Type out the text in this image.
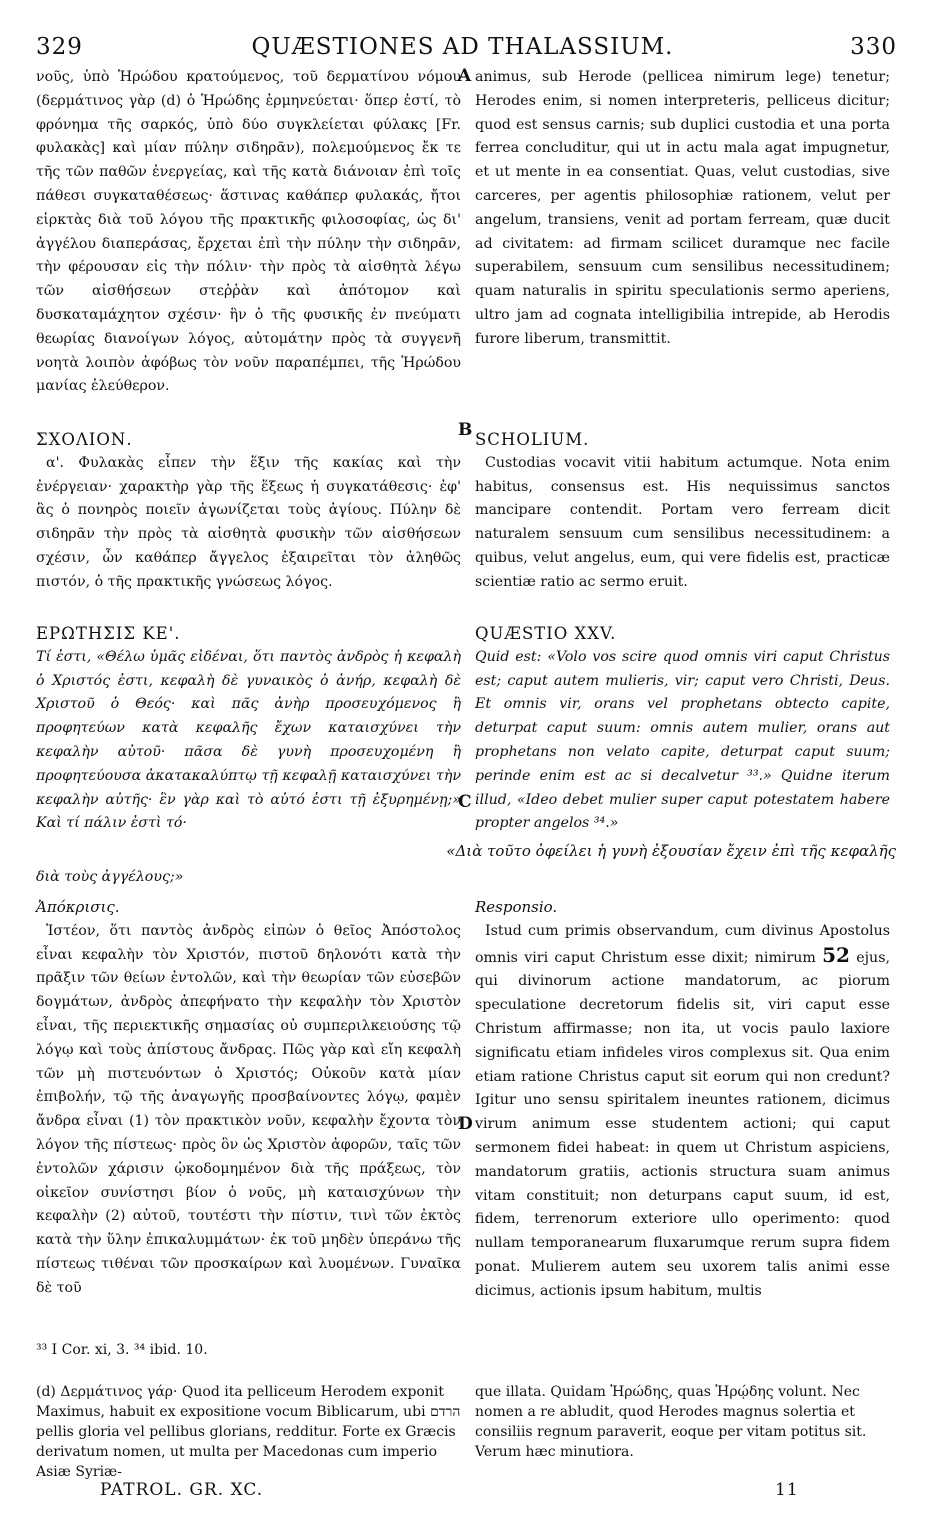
329	QUÆSTIONES AD THALASSIUM.	330
A
B
C
D

νοῦς, ὑπὸ Ἡρώδου κρατούμενος, τοῦ δερματίνου νόμου (δερμάτινος γὰρ (d) ὁ Ἡρώδης ἑρμηνεύεται· ὅπερ ἐστί, τὸ φρόνημα τῆς σαρκός, ὑπὸ δύο συγκλείεται φύλακς [Fr. φυλακὰς] καὶ μίαν πύλην σιδηρᾶν), πολεμούμενος ἔκ τε τῆς τῶν παθῶν ἐνεργείας, καὶ τῆς κατὰ διάνοιαν ἐπὶ τοῖς πάθεσι συγκαταθέσεως· ἅστινας καθάπερ φυλακάς, ἤτοι εἱρκτὰς διὰ τοῦ λόγου τῆς πρακτικῆς φιλοσοφίας, ὡς δι' ἀγγέλου διαπεράσας, ἔρχεται ἐπὶ τὴν πύλην τὴν σιδηρᾶν, τὴν φέρουσαν εἰς τὴν πόλιν· τὴν πρὸς τὰ αἰσθητὰ λέγω τῶν αἰσθήσεων στεῤῥὰν καὶ ἀπότομον καὶ δυσκαταμάχητον σχέσιν· ἣν ὁ τῆς φυσικῆς ἐν πνεύματι θεωρίας διανοίγων λόγος, αὐτομάτην πρὸς τὰ συγγενῆ νοητὰ λοιπὸν ἀφόβως τὸν νοῦν παραπέμπει, τῆς Ἡρώδου μανίας ἐλεύθερον.

animus, sub Herode (pelliceа nimirum lege) tenetur; Herodes enim, si nomen interpreteris, pelliceus dicitur; quod est sensus carnis; sub duplici custodia et una porta ferrea concluditur, qui ut in actu mala agat impugnetur, et ut mente in ea consentiat. Quas, velut custodias, sive carceres, per agentis philosophiæ rationem, velut per angelum, transiens, venit ad portam ferream, quæ ducit ad civitatem: ad firmam scilicet duramque nec facile superabilem, sensuum cum sensilibus necessitudinem; quam naturalis in spiritu speculationis sermo aperiens, ultro jam ad cognata intelligibilia intrepide, ab Herodis furore liberum, transmittit.

ΣΧΟΛΙΟΝ.

α'. Φυλακὰς εἶπεν τὴν ἕξιν τῆς κακίας καὶ τὴν ἐνέργειαν· χαρακτὴρ γὰρ τῆς ἕξεως ἡ συγκατάθεσις· ἐφ' ἃς ὁ πονηρὸς ποιεῖν ἀγωνίζεται τοὺς ἁγίους. Πύλην δὲ σιδηρᾶν τὴν πρὸς τὰ αἰσθητὰ φυσικὴν τῶν αἰσθήσεων σχέσιν, ὧν καθάπερ ἄγγελος ἐξαιρεῖται τὸν ἀληθῶς πιστόν, ὁ τῆς πρακτικῆς γνώσεως λόγος.

SCHOLIUM.

Custodias vocavit vitii habitum actumque. Nota enim habitus, consensus est. His nequissimus sanctos mancipare contendit. Portam vero ferream dicit naturalem sensuum cum sensilibus necessitudinem: a quibus, velut angelus, eum, qui vere fidelis est, practicæ scientiæ ratio ac sermo eruit.

ΕΡΩΤΗΣΙΣ ΚΕ'.

Τί ἐστι, «Θέλω ὑμᾶς εἰδέναι, ὅτι παντὸς ἀνδρὸς ἡ κεφαλὴ ὁ Χριστός ἐστι, κεφαλὴ δὲ γυναικὸς ὁ ἀνήρ, κεφαλὴ δὲ Χριστοῦ ὁ Θεός· καὶ πᾶς ἀνὴρ προσευχόμενος ἢ προφητεύων κατὰ κεφαλῆς ἔχων καταισχύνει τὴν κεφαλὴν αὐτοῦ· πᾶσα δὲ γυνὴ προσευχομένη ἢ προφητεύουσα ἀκατακαλύπτῳ τῇ κεφαλῇ καταισχύνει τὴν κεφαλὴν αὐτῆς· ἓν γὰρ καὶ τὸ αὐτό ἐστι τῇ ἐξυρημένῃ;» Καὶ τί πάλιν ἐστὶ τό·

QUÆSTIO XXV.

Quid est: «Volo vos scire quod omnis viri caput Christus est; caput autem mulieris, vir; caput vero Christi, Deus. Et omnis vir, orans vel prophetans obtecto capite, deturpat caput suum: omnis autem mulier, orans aut prophetans non velato capite, deturpat caput suum; perinde enim est ac si decalvetur ³³.» Quidne iterum illud, «Ideo debet mulier super caput potestatem habere propter angelos ³⁴.»

«Διὰ τοῦτο ὀφείλει ἡ γυνὴ ἐξουσίαν ἔχειν ἐπὶ τῆς κεφαλῆς
διὰ τοὺς ἀγγέλους;»

Ἀπόκρισις.

Ἰστέον, ὅτι παντὸς ἀνδρὸς εἰπὼν ὁ θεῖος Ἀπόστολος εἶναι κεφαλὴν τὸν Χριστόν, πιστοῦ δηλονότι κατὰ τὴν πρᾶξιν τῶν θείων ἐντολῶν, καὶ τὴν θεωρίαν τῶν εὐσεβῶν δογμάτων, ἀνδρὸς ἀπεφήνατο τὴν κεφαλὴν τὸν Χριστὸν εἶναι, τῆς περιεκτικῆς σημασίας οὐ συμπεριλκειούσης τῷ λόγῳ καὶ τοὺς ἀπίστους ἄνδρας. Πῶς γὰρ καὶ εἴη κεφαλὴ τῶν μὴ πιστευόντων ὁ Χριστός; Οὐκοῦν κατὰ μίαν ἐπιβολήν, τῷ τῆς ἀναγωγῆς προσβαίνοντες λόγῳ, φαμὲν ἄνδρα εἶναι (1) τὸν πρακτικὸν νοῦν, κεφαλὴν ἔχοντα τὸν λόγον τῆς πίστεως· πρὸς ὃν ὡς Χριστὸν ἀφορῶν, ταῖς τῶν ἐντολῶν χάρισιν ᾠκοδομημένον διὰ τῆς πράξεως, τὸν οἰκεῖον συνίστησι βίον ὁ νοῦς, μὴ καταισχύνων τὴν κεφαλὴν (2) αὐτοῦ, τουτέστι τὴν πίστιν, τινὶ τῶν ἐκτὸς κατὰ τὴν ὕλην ἐπικαλυμμάτων· ἐκ τοῦ μηδὲν ὑπεράνω τῆς πίστεως τιθέναι τῶν προσκαίρων καὶ λυομένων. Γυναῖκα δὲ τοῦ

Responsio.

Istud cum primis observandum, cum divinus Apostolus omnis viri caput Christum esse dixit; nimirum 52 ejus, qui divinorum actione mandatorum, ac piorum speculatione decretorum fidelis sit, viri caput esse Christum affirmasse; non ita, ut vocis paulo laxiore significatu etiam infideles viros complexus sit. Qua enim etiam ratione Christus caput sit eorum qui non credunt? Igitur uno sensu spiritalem ineuntes rationem, dicimus virum animum esse studentem actioni; qui caput sermonem fidei habeat: in quem ut Christum aspiciens, mandatorum gratiis, actionis structura suam animus vitam constituit; non deturpans caput suum, id est, fidem, terrenorum exteriore ullo operimento: quod nullam temporanearum fluxarumque rerum supra fidem ponat. Mulierem autem seu uxorem talis animi esse dicimus, actionis ipsum habitum, multis

³³ I Cor. xi, 3. ³⁴ ibid. 10.
(d) Δερμάτινος γάρ· Quod ita pelliceum Herodem exponit Maximus, habuit ex expositione vocum Biblicarum, ubi הרדם pellis gloria vel pellibus glorians, redditur. Forte ex Græcis derivatum nomen, ut multa per Macedonas cum imperio Asiæ Syriæ-
que illata. Quidam Ἡρώδης, quas Ἡρῴδης volunt. Nec nomen a re abludit, quod Herodes magnus solertia et consiliis regnum paraverit, eoque per vitam potitus sit. Verum hæc minutiora.
PATROL. GR. XC.	11
